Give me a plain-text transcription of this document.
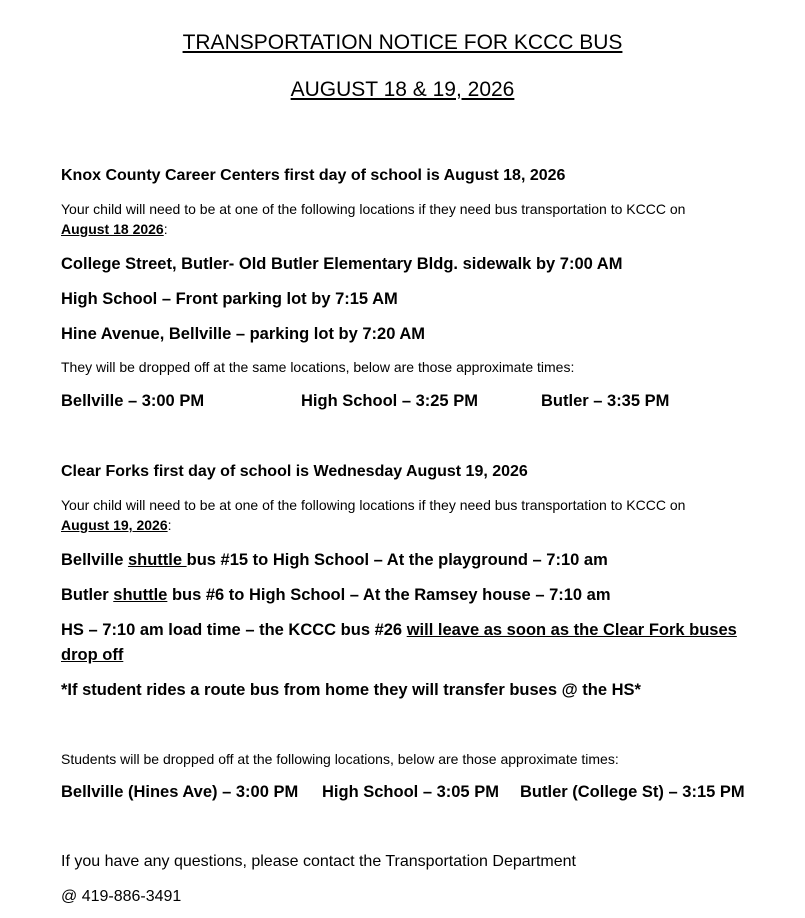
TRANSPORTATION NOTICE FOR KCCC BUS
AUGUST 18 & 19, 2026
Knox County Career Centers first day of school is August 18, 2026
Your child will need to be at one of the following locations if they need bus transportation to KCCC on
August 18 2026:
College Street, Butler- Old Butler Elementary Bldg. sidewalk by 7:00 AM
High School – Front parking lot by 7:15 AM
Hine Avenue, Bellville – parking lot by 7:20 AM
They will be dropped off at the same locations, below are those approximate times:
Bellville – 3:00 PM	High School – 3:25 PM	Butler – 3:35 PM
Clear Forks first day of school is Wednesday August 19, 2026
Your child will need to be at one of the following locations if they need bus transportation to KCCC on
August 19, 2026:
Bellville shuttle bus #15 to High School – At the playground – 7:10 am
Butler shuttle bus #6 to High School – At the Ramsey house – 7:10 am
HS – 7:10 am load time – the KCCC bus #26 will leave as soon as the Clear Fork buses
drop off
*If student rides a route bus from home they will transfer buses @ the HS*
Students will be dropped off at the following locations, below are those approximate times:
Bellville (Hines Ave) – 3:00 PM High School – 3:05 PM Butler (College St) – 3:15 PM
If you have any questions, please contact the Transportation Department
@ 419-886-3491
